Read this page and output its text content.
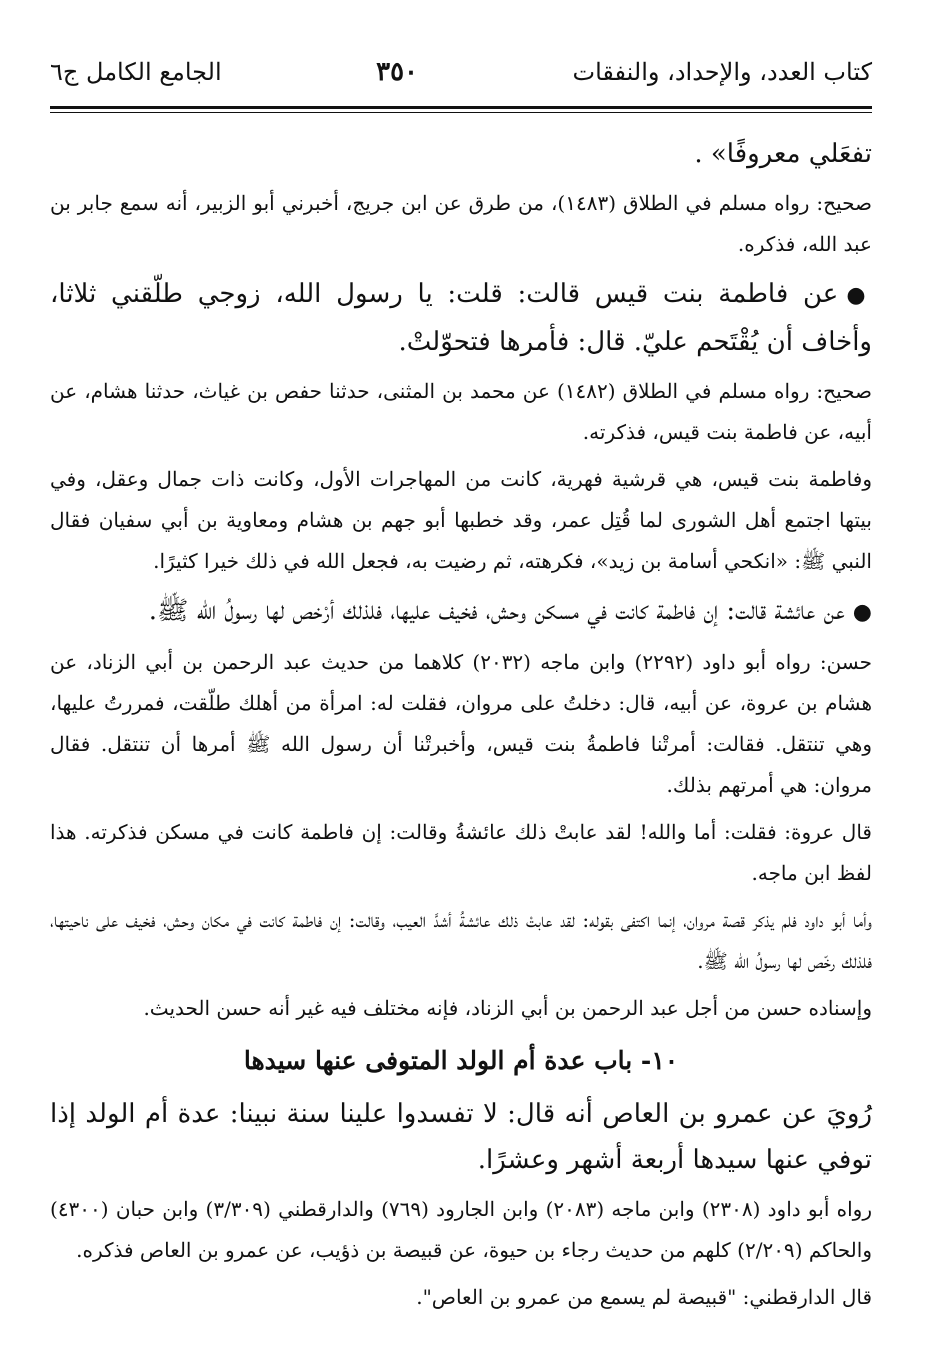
كتاب العدد، والإحداد، والنفقات
٣٥٠
الجامع الكامل ج٦
تفعَلي معروفًا» .
صحيح: رواه مسلم في الطلاق (١٤٨٣)، من طرق عن ابن جريج، أخبرني أبو الزبير، أنه سمع جابر بن عبد الله، فذكره.
●عن فاطمة بنت قيس قالت: قلت: يا رسول الله، زوجي طلّقني ثلاثا، وأخاف أن يُقْتَحم عليّ. قال: فأمرها فتحوّلتْ.
صحيح: رواه مسلم في الطلاق (١٤٨٢) عن محمد بن المثنى، حدثنا حفص بن غياث، حدثنا هشام، عن أبيه، عن فاطمة بنت قيس، فذكرته.
وفاطمة بنت قيس، هي قرشية فهرية، كانت من المهاجرات الأول، وكانت ذات جمال وعقل، وفي بيتها اجتمع أهل الشورى لما قُتِل عمر، وقد خطبها أبو جهم بن هشام ومعاوية بن أبي سفيان فقال النبي ﷺ: «انكحي أسامة بن زيد»، فكرهته، ثم رضيت به، فجعل الله في ذلك خيرا كثيرًا.
●عن عائشة قالت: إن فاطمة كانت في مسكن وحش، فخيف عليها، فلذلك أرْخص لها رسولُ الله ﷺ.
حسن: رواه أبو داود (٢٢٩٢) وابن ماجه (٢٠٣٢) كلاهما من حديث عبد الرحمن بن أبي الزناد، عن هشام بن عروة، عن أبيه، قال: دخلتُ على مروان، فقلت له: امرأة من أهلك طلّقت، فمررتُ عليها، وهي تنتقل. فقالت: أمرتْنا فاطمةُ بنت قيس، وأخبرتْنا أن رسول الله ﷺ أمرها أن تنتقل. فقال مروان: هي أمرتهم بذلك.
قال عروة: فقلت: أما والله! لقد عابتْ ذلك عائشةُ وقالت: إن فاطمة كانت في مسكن فذكرته. هذا لفظ ابن ماجه.
وأما أبو داود فلم يذكر قصة مروان، إنما اكتفى بقوله: لقد عابتْ ذلك عائشةُ أشدَّ العيب، وقالت: إن فاطمة كانت في مكان وحش، فخيف على ناحيتها، فلذلك رخّص لها رسولُ الله ﷺ.
وإسناده حسن من أجل عبد الرحمن بن أبي الزناد، فإنه مختلف فيه غير أنه حسن الحديث.
١٠- باب عدة أم الولد المتوفى عنها سيدها
رُويَ عن عمرو بن العاص أنه قال: لا تفسدوا علينا سنة نبينا: عدة أم الولد إذا توفي عنها سيدها أربعة أشهر وعشرًا.
رواه أبو داود (٢٣٠٨) وابن ماجه (٢٠٨٣) وابن الجارود (٧٦٩) والدارقطني (٣/٣٠٩) وابن حبان (٤٣٠٠) والحاكم (٢/٢٠٩) كلهم من حديث رجاء بن حيوة، عن قبيصة بن ذؤيب، عن عمرو بن العاص فذكره.
قال الدارقطني: "قبيصة لم يسمع من عمرو بن العاص".
